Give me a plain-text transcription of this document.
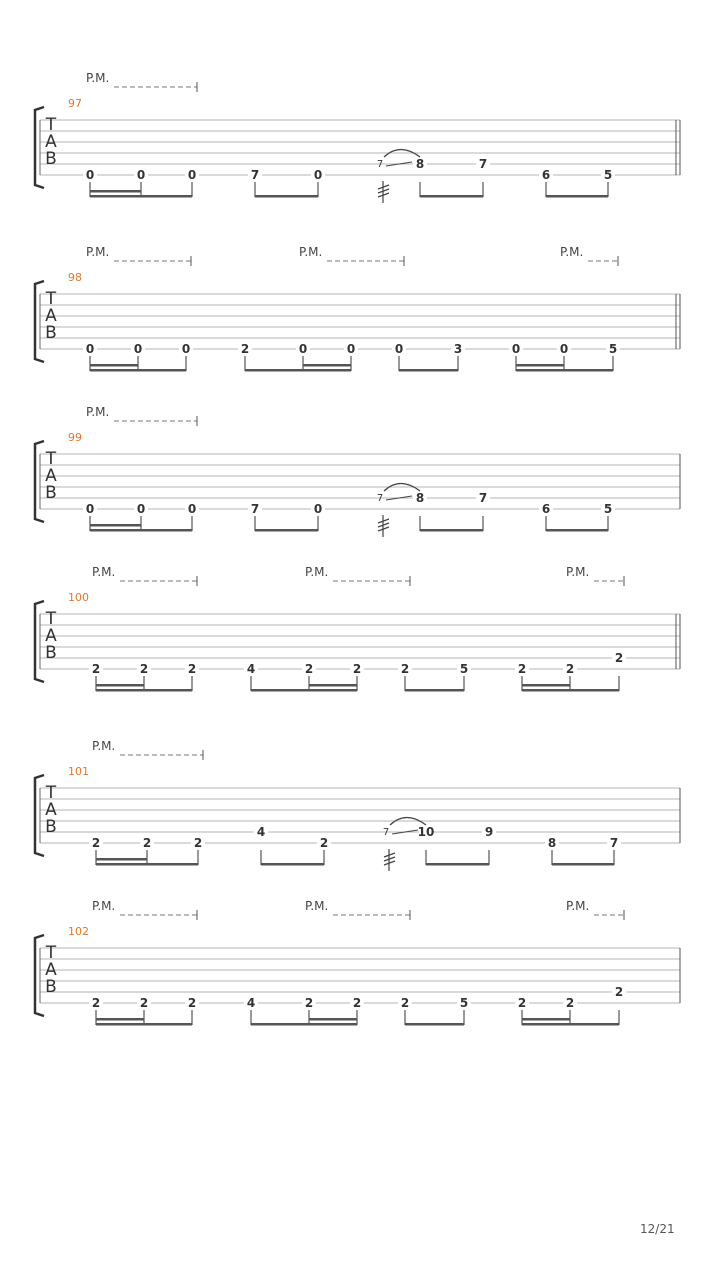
T
A
B
97
P.M.
0	0	0	7	0
8
7	7
6	5
T
A
B
98
P.M.	P.M.	P.M.
0	0	0	2	0	0	0	3	0	0	5
T
A
B
99
P.M.
0	0	0	7	0
8
7	7
6	5
T
A
B
100
P.M.	P.M.	P.M.
2	2	2	4	2	2	2	5	2	2
2
T
A
B
101
P.M.
2	2	2
4
2
10
7	9
8	7
T
A
B
102
P.M.	P.M.	P.M.
2	2	2	4	2	2	2	5	2	2
2
12/21
